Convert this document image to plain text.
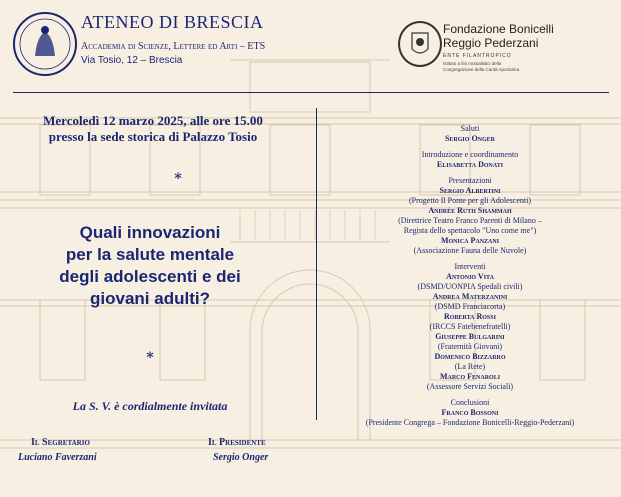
ATENEO DI BRESCIA
Accademia di Scienze, Lettere ed Arti – ETS
Via Tosio, 12 – Brescia
Fondazione Bonicelli
Reggio Pederzani
ENTE FILANTROPICO
Istituto a fini mutualistici della
Congregazione della Carità Apostolica
Mercoledì 12 marzo 2025, alle ore 15.00
presso la sede storica di Palazzo Tosio
*
Quali innovazioni
per la salute mentale
degli adolescenti e dei
giovani adulti?
*
La S. V. è cordialmente invitata
Il Segretario
Luciano Faverzani
Il Presidente
Sergio Onger
Saluti
Sergio Onger
Introduzione e coordinamento
Elisabetta Donati
Presentazioni
Sergio Albertini
(Progetto Il Ponte per gli Adolescenti)
Andrée Ruth Shammah
(Direttrice Teatro Franco Parenti di Milano –
Regista dello spettacolo "Uno come me")
Monica Panzani
(Associazione Fauna delle Nuvole)
Interventi
Antonio Vita
(DSMD/UONPIA Spedali civili)
Andrea Materzanini
(DSMD Franciacorta)
Roberta Rossi
(IRCCS Fatebenefratelli)
Giuseppe Bulgarini
(Fraternità Giovani)
Domenico Bizzarro
(La Rete)
Marco Fenaroli
(Assessore Servizi Sociali)
Conclusioni
Franco Bossoni
(Presidente Congrega – Fondazione Bonicelli-Reggio-Pederzani)
